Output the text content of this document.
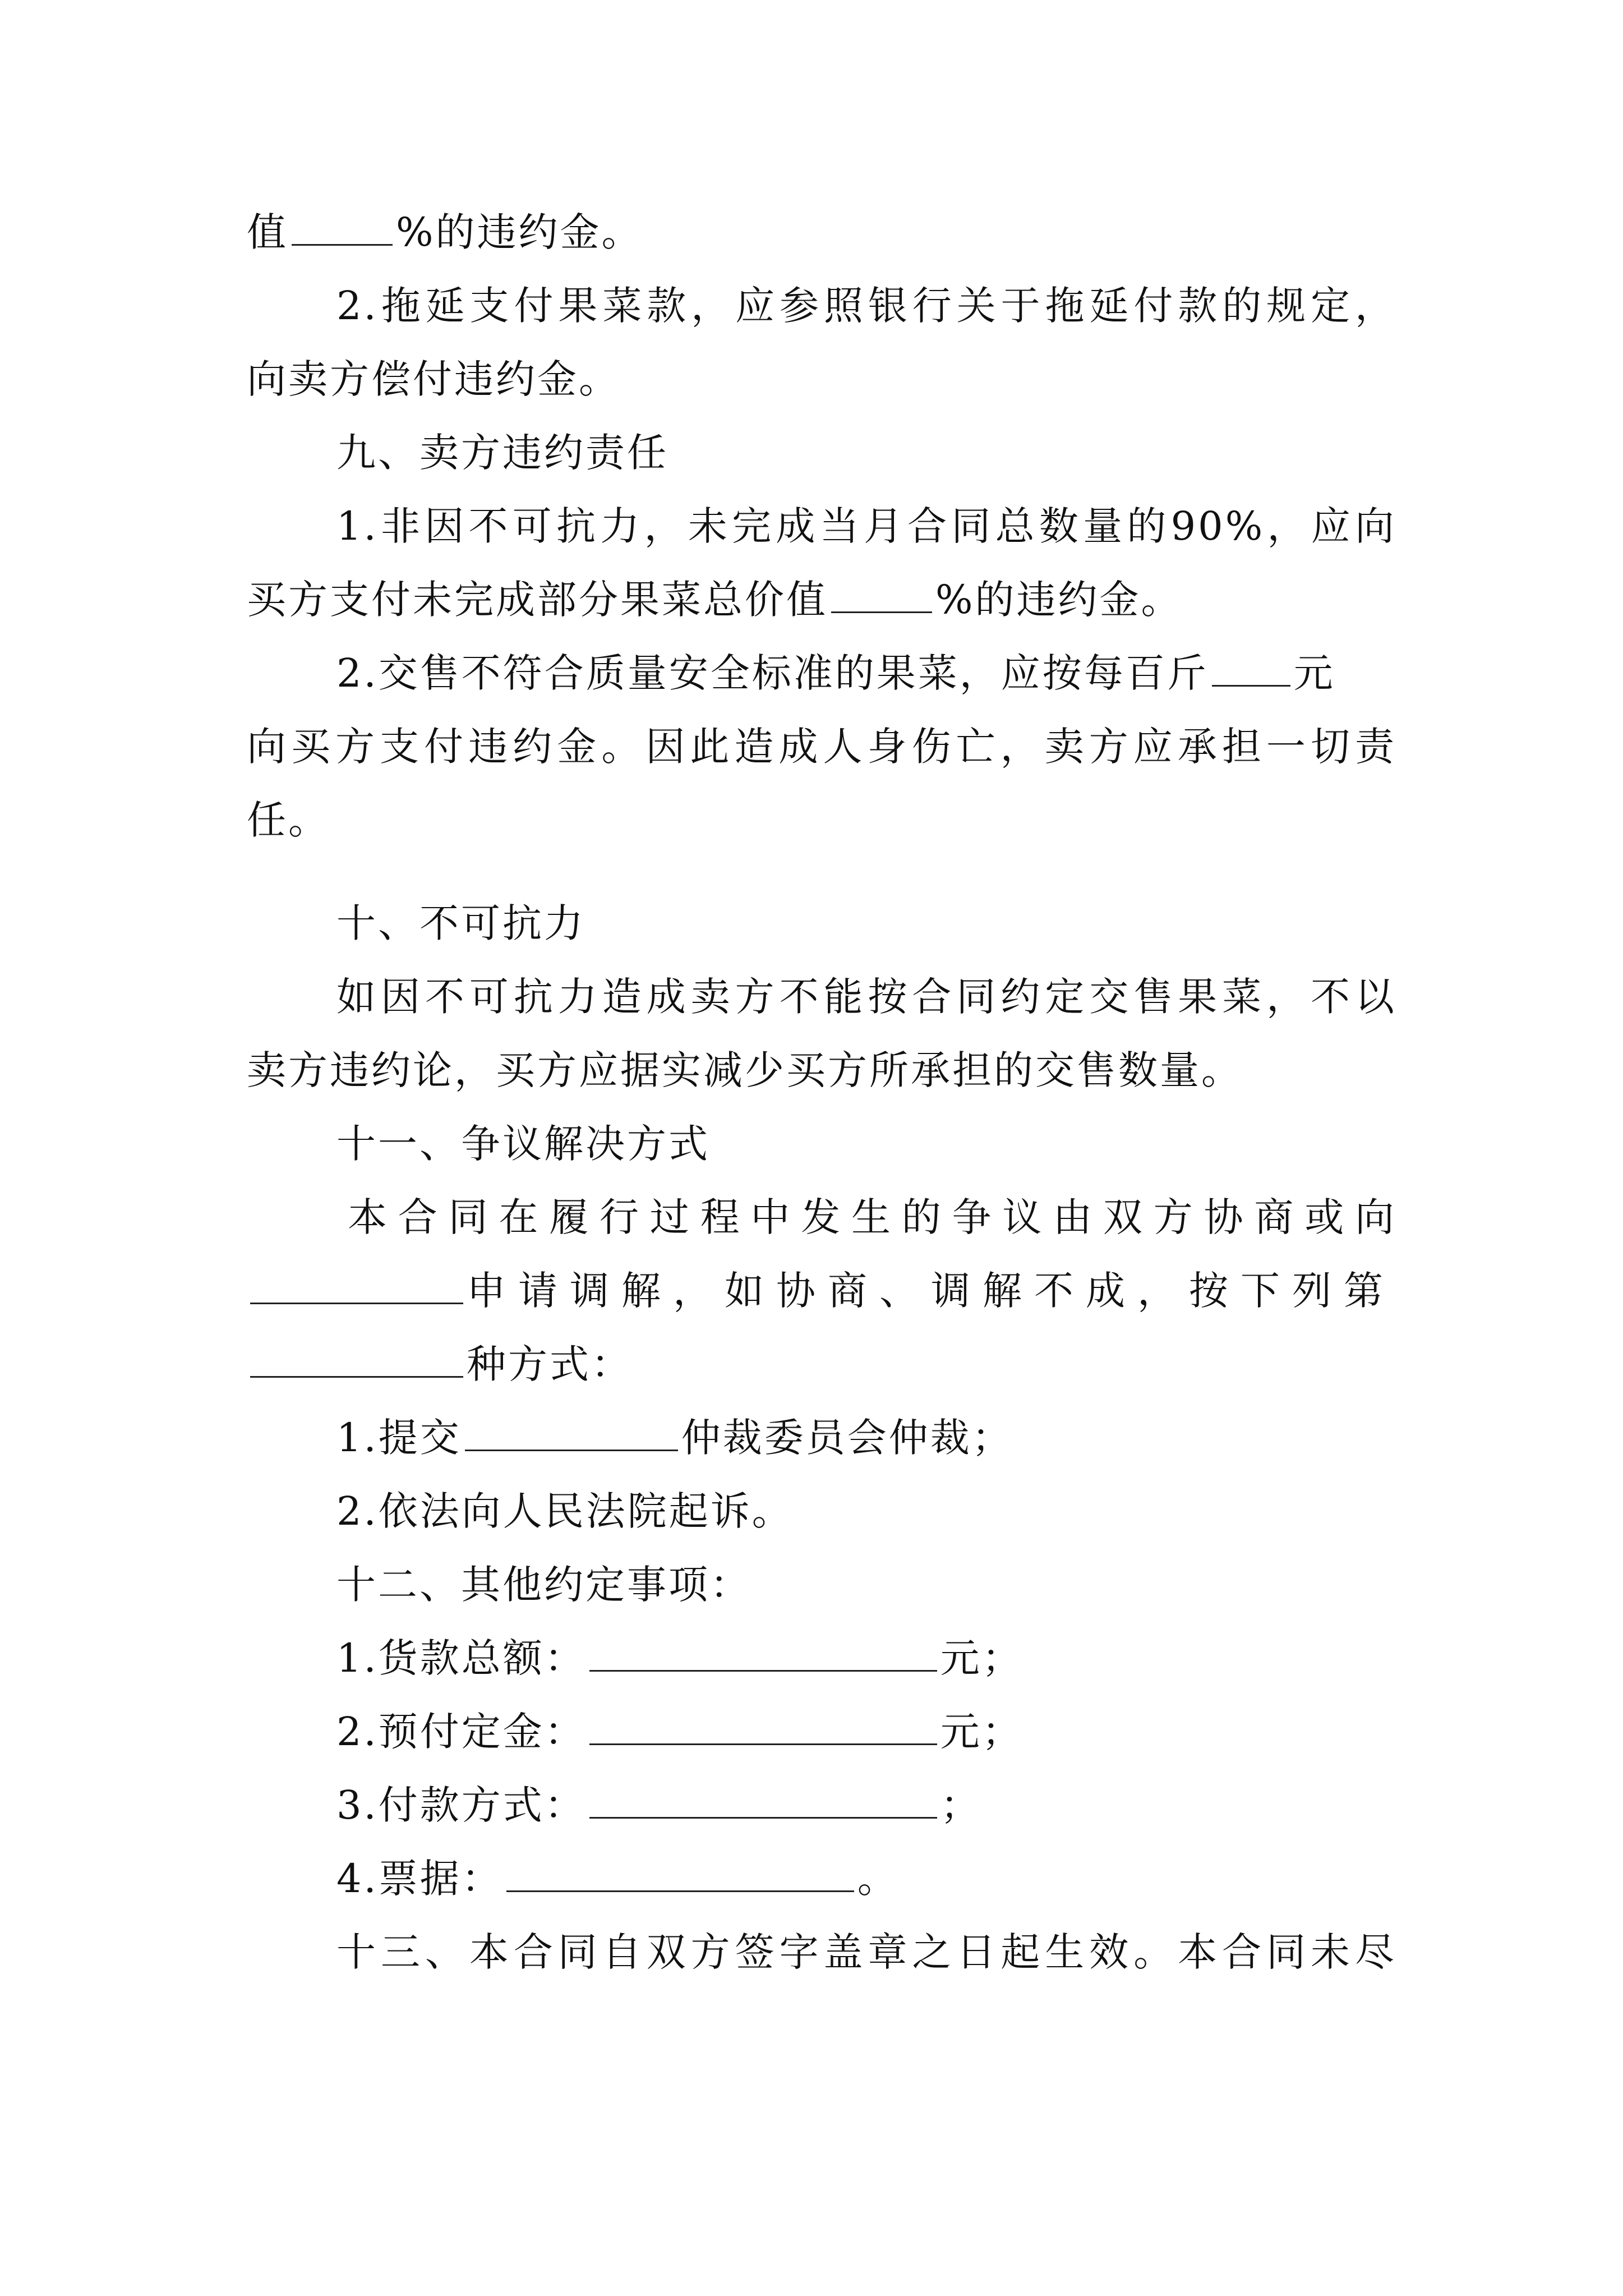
值	%的违约金。
2.拖延支付果菜款，应参照银行关于拖延付款的规定，
向卖方偿付违约金。
九、卖方违约责任
1.非因不可抗力，未完成当月合同总数量的90%，应向
买方支付未完成部分果菜总价值	%的违约金。
2.交售不符合质量安全标准的果菜，应按每百斤 元
向买方支付违约金。因此造成人身伤亡，卖方应承担一切责
任。
十、不可抗力
如因不可抗力造成卖方不能按合同约定交售果菜，不以
卖方违约论，买方应据实减少买方所承担的交售数量。
十一、争议解决方式
本合同在履行过程中发生的争议由双方协商或向
申请调解，如协商、调解不成，按下列第
种方式：
1.提交	仲裁委员会仲裁；
2.依法向人民法院起诉。
十二、其他约定事项：
1.货款总额：	元；
2.预付定金：	元；
3.付款方式：	；
4.票据：	。
十三、本合同自双方签字盖章之日起生效。本合同未尽
